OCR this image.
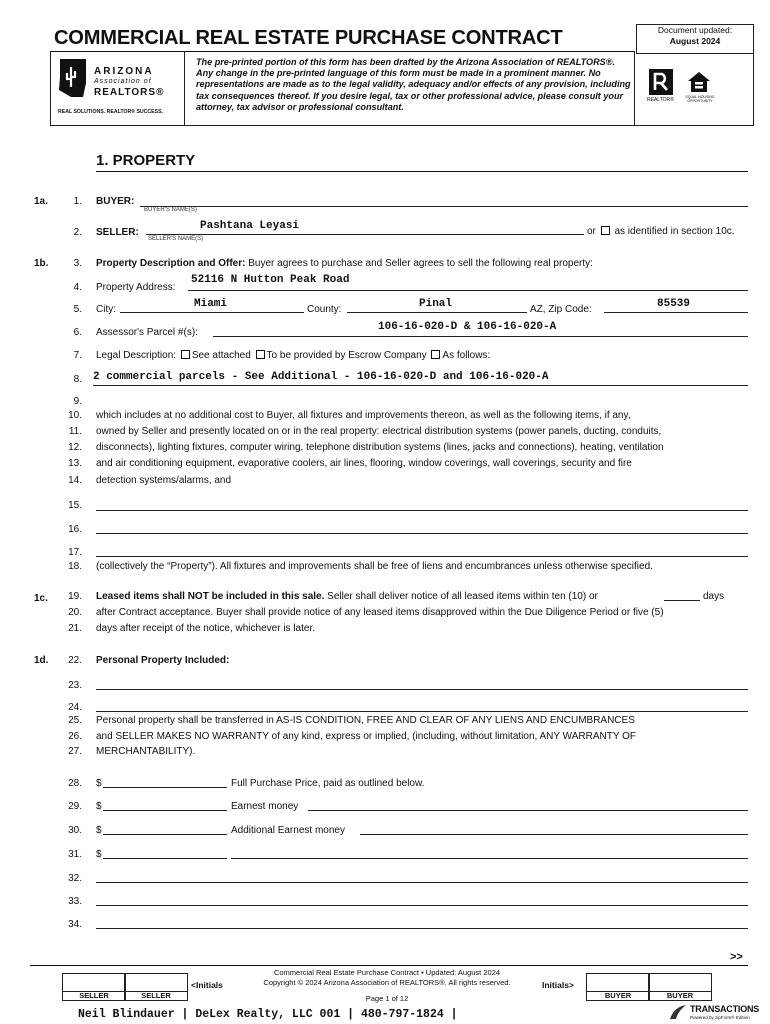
COMMERCIAL REAL ESTATE PURCHASE CONTRACT	Document updated:
August 2024
ARIZONA
Association of
REALTORS®
REAL SOLUTIONS. REALTOR® SUCCESS.
The pre-printed portion of this form has been drafted by the Arizona Association of REALTORS®. Any change in the pre-printed language of this form must be made in a prominent manner. No representations are made as to the legal validity, adequacy and/or effects of any provision, including tax consequences thereof. If you desire legal, tax or other professional advice, please consult your attorney, tax advisor or professional consultant.
REALTOR®	EQUAL HOUSING OPPORTUNITY
1. PROPERTY
1a.	1. BUYER:
BUYER'S NAME(S)
2. SELLER:
Pashtana Leyasi
SELLER'S NAME(S)
or as identified in section 10c.
1b.	3. Property Description and Offer: Buyer agrees to purchase and Seller agrees to sell the following real property:
4. Property Address:
52116 N Hutton Peak Road
5. City:	Miami	County:	Pinal	AZ, Zip Code:	85539
6. Assessor's Parcel #(s):	106-16-020-D & 106-16-020-A
7. Legal Description: See attached To be provided by Escrow Company As follows:
8. 2 commercial parcels - See Additional - 106-16-020-D and 106-16-020-A
9.
10. which includes at no additional cost to Buyer, all fixtures and improvements thereon, as well as the following items, if any,
11. owned by Seller and presently located on or in the real property: electrical distribution systems (power panels, ducting, conduits,
12. disconnects), lighting fixtures, computer wiring, telephone distribution systems (lines, jacks and connections), heating, ventilation
13. and air conditioning equipment, evaporative coolers, air lines, flooring, window coverings, wall coverings, security and fire
14. detection systems/alarms, and
15.
16.
17.
18. (collectively the “Property”). All fixtures and improvements shall be free of liens and encumbrances unless otherwise specified.
1c.	19. Leased items shall NOT be included in this sale. Seller shall deliver notice of all leased items within ten (10) or	days
20. after Contract acceptance. Buyer shall provide notice of any leased items disapproved within the Due Diligence Period or five (5)
21. days after receipt of the notice, whichever is later.
1d.	22. Personal Property Included:
23.
24.
25. Personal property shall be transferred in AS-IS CONDITION, FREE AND CLEAR OF ANY LIENS AND ENCUMBRANCES
26. and SELLER MAKES NO WARRANTY of any kind, express or implied, (including, without limitation, ANY WARRANTY OF
27. MERCHANTABILITY).
28. $	Full Purchase Price, paid as outlined below.
29. $	Earnest money
30. $	Additional Earnest money
31. $
32.
33.
34.
>>
SELLER	SELLER
<Initials
Commercial Real Estate Purchase Contract • Updated: August 2024
Copyright © 2024 Arizona Association of REALTORS®. All rights reserved.
Page 1 of 12
Initials>
BUYER	BUYER
Neil Blindauer | DeLex Realty, LLC 001 | 480-797-1824 |	TRANSACTIONS
Powered by zipForm® Edition
